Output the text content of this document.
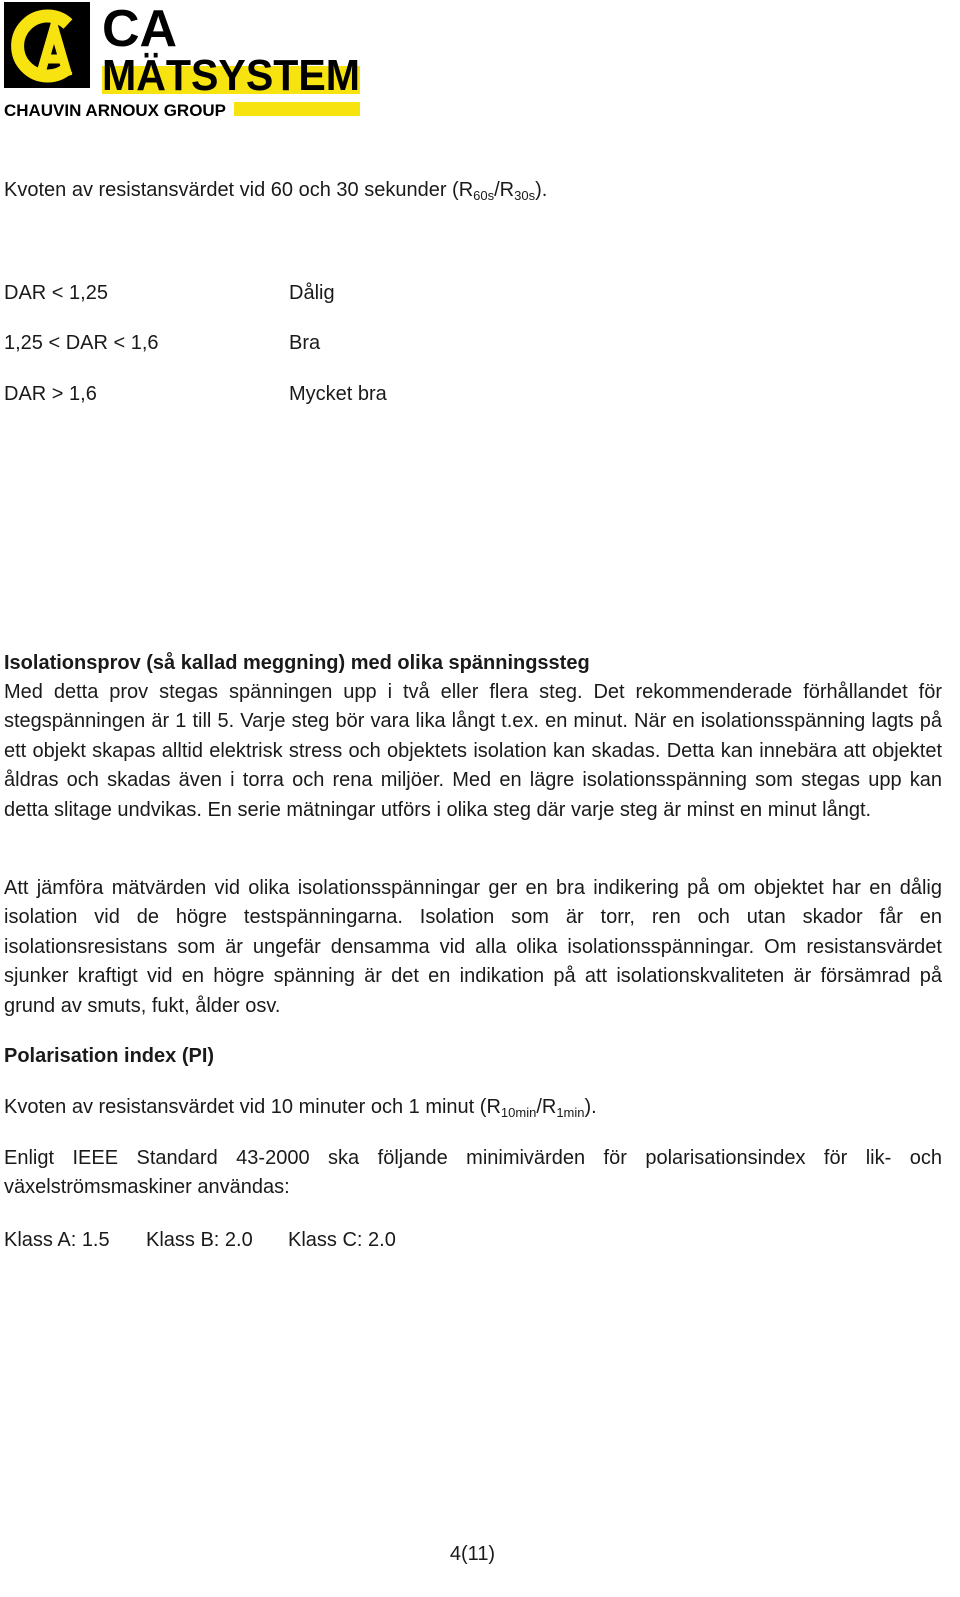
CA
MÄTSYSTEM
CHAUVIN ARNOUX GROUP
Kvoten av resistansvärdet vid 60 och 30 sekunder $(R_{60s}/R_{30s})$.
DAR < 1,25	Dålig
1,25 < DAR < 1,6	Bra
DAR > 1,6	Mycket bra
Isolationsprov (så kallad meggning) med olika spänningssteg
Med detta prov stegas spänningen upp i två eller flera steg. Det rekommenderade förhållandet för stegspänningen är 1 till 5. Varje steg bör vara lika långt t.ex. en minut. När en isolationsspänning lagts på ett objekt skapas alltid elektrisk stress och objektets isolation kan skadas. Detta kan innebära att objektet åldras och skadas även i torra och rena miljöer. Med en lägre isolationsspänning som stegas upp kan detta slitage undvikas. En serie mätningar utförs i olika steg där varje steg är minst en minut långt.
Att jämföra mätvärden vid olika isolationsspänningar ger en bra indikering på om objektet har en dålig isolation vid de högre testspänningarna. Isolation som är torr, ren och utan skador får en isolationsresistans som är ungefär densamma vid alla olika isolationsspänningar. Om resistansvärdet sjunker kraftigt vid en högre spänning är det en indikation på att isolationskvaliteten är försämrad på grund av smuts, fukt, ålder osv.
Polarisation index (PI)
Kvoten av resistansvärdet vid 10 minuter och 1 minut $(R_{10min}/R_{1min})$.
Enligt IEEE Standard 43-2000 ska följande minimivärden för polarisationsindex för lik- och växelströmsmaskiner användas:
Klass A: 1.5 Klass B: 2.0 Klass C: 2.0
4(11)
